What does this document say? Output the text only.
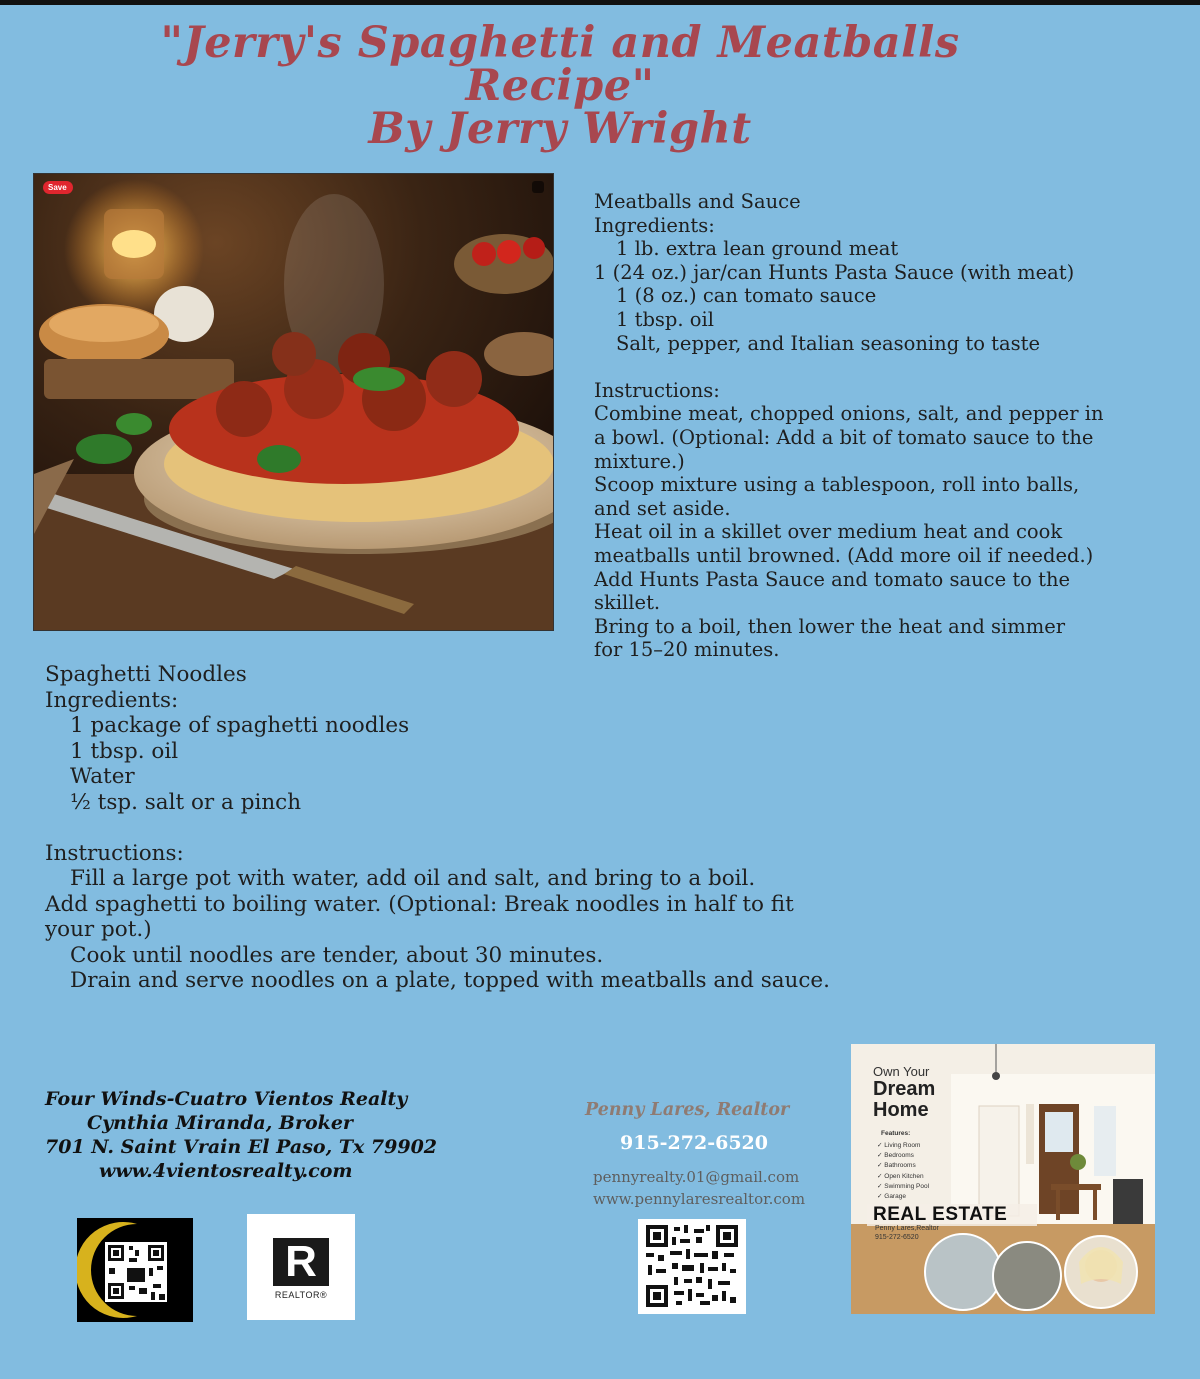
"Jerry's Spaghetti and Meatballs
Recipe"
By Jerry Wright
Save
Meatballs and Sauce
Ingredients:
1 lb. extra lean ground meat
1 (24 oz.) jar/can Hunts Pasta Sauce (with meat)
1 (8 oz.) can tomato sauce
1 tbsp. oil
Salt, pepper, and Italian seasoning to taste
Instructions:
Combine meat, chopped onions, salt, and pepper in a bowl. (Optional: Add a bit of tomato sauce to the mixture.)
Scoop mixture using a tablespoon, roll into balls, and set aside.
Heat oil in a skillet over medium heat and cook meatballs until browned. (Add more oil if needed.)
Add Hunts Pasta Sauce and tomato sauce to the skillet.
Bring to a boil, then lower the heat and simmer for 15–20 minutes.
Spaghetti Noodles
Ingredients:
1 package of spaghetti noodles
1 tbsp. oil
Water
½ tsp. salt or a pinch
Instructions:
Fill a large pot with water, add oil and salt, and bring to a boil.
Add spaghetti to boiling water. (Optional: Break noodles in half to fit your pot.)
Cook until noodles are tender, about 30 minutes.
Drain and serve noodles on a plate, topped with meatballs and sauce.
Four Winds-Cuatro Vientos Realty
Cynthia Miranda, Broker
701 N. Saint Vrain El Paso, Tx 79902
www.4vientosrealty.com
Penny Lares, Realtor
915-272-6520
pennyrealty.01@gmail.com
www.pennylaresrealtor.com
R
REALTOR®
Own Your
Dream
Home
Features:
✓ Living Room
✓ Bedrooms
✓ Bathrooms
✓ Open Kitchen
✓ Swimming Pool
✓ Garage
REAL ESTATE
Penny Lares,Realtor
915-272-6520
